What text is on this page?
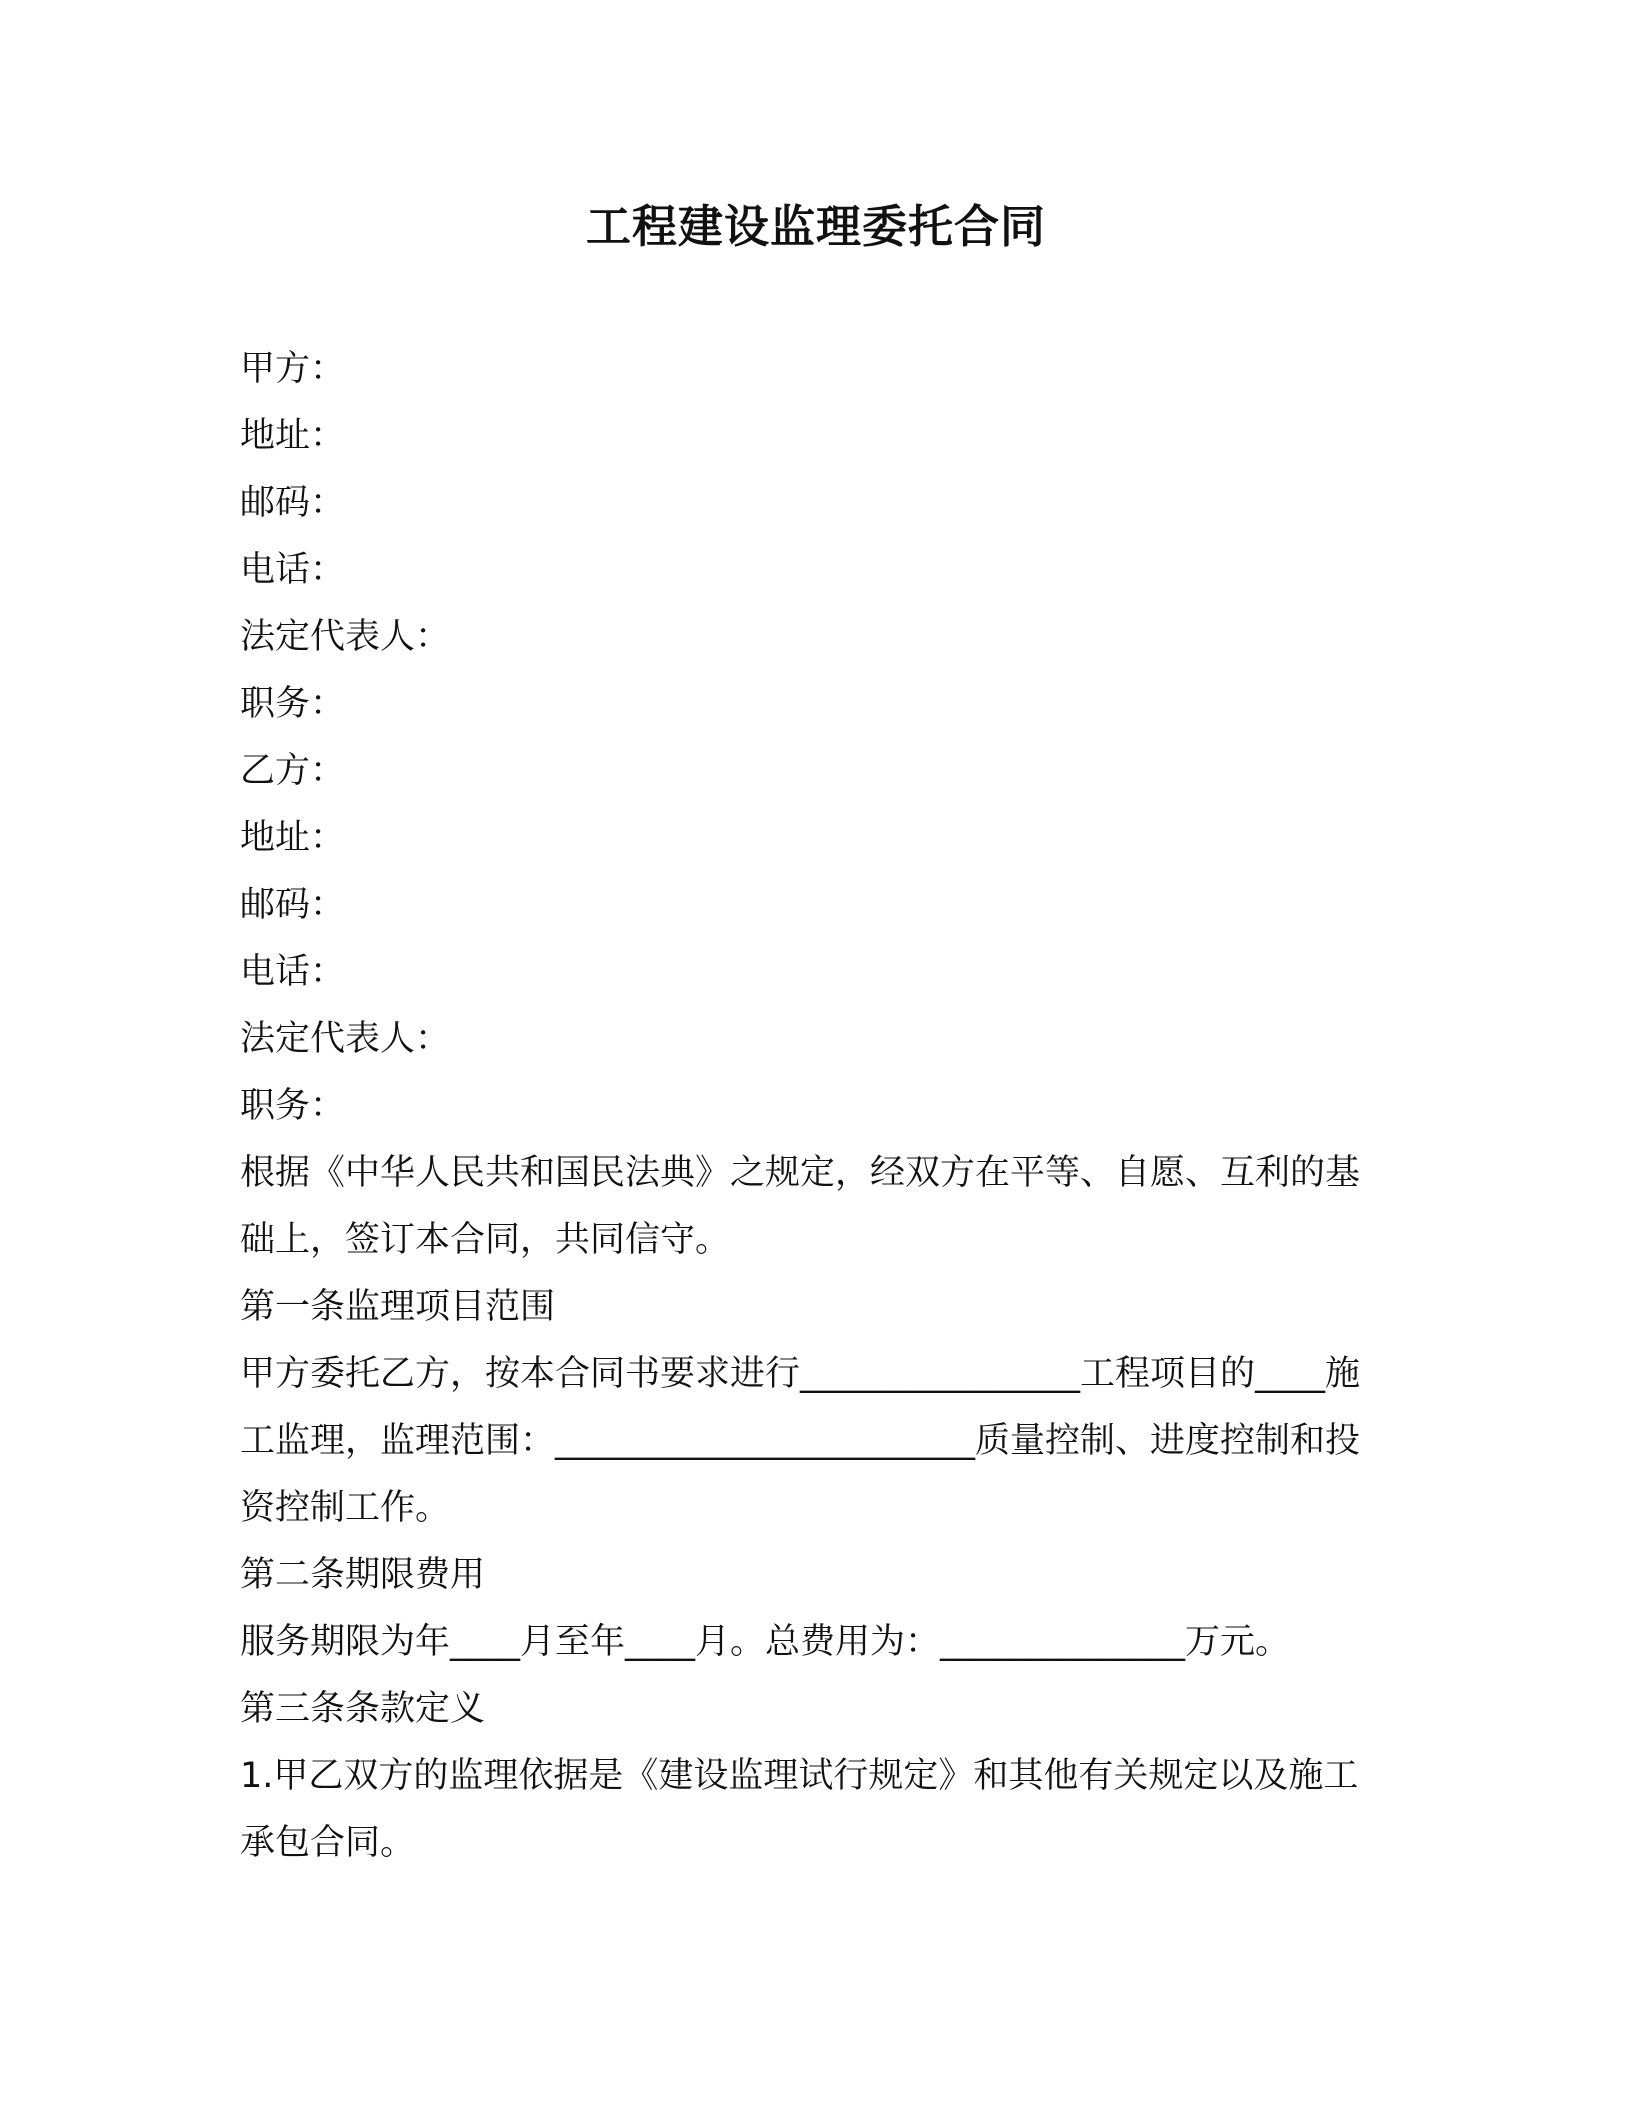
工程建设监理委托合同
甲方：
地址：
邮码：
电话：
法定代表人：
职务：
乙方：
地址：
邮码：
电话：
法定代表人：
职务：
根据《中华人民共和国民法典》之规定，经双方在平等、自愿、互利的基础上，签订本合同，共同信守。
第一条监理项目范围
甲方委托乙方，按本合同书要求进行________________工程项目的____施工监理，监理范围：________________________质量控制、进度控制和投资控制工作。
第二条期限费用
服务期限为年____月至年____月。总费用为：______________万元。
第三条条款定义
1.甲乙双方的监理依据是《建设监理试行规定》和其他有关规定以及施工承包合同。
